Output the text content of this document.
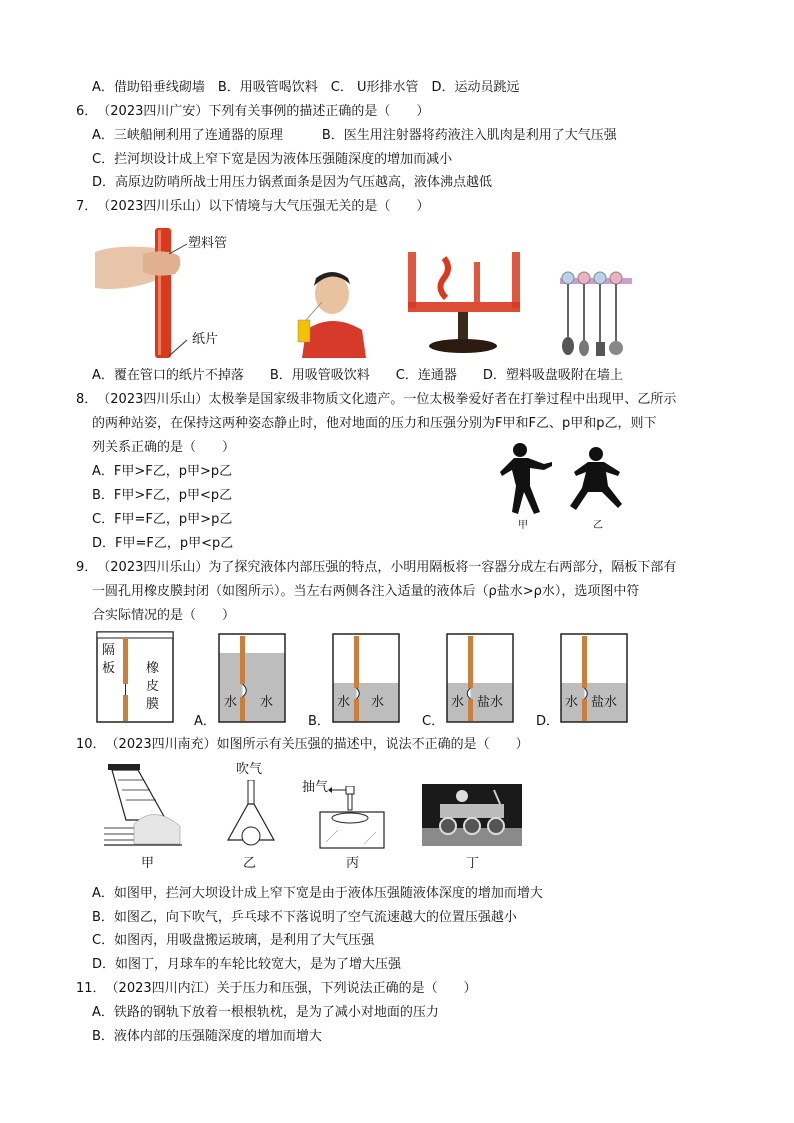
A．借助铅垂线砌墙　B．用吸管喝饮料　C． U形排水管　D．运动员跳远
6．　（2023四川广安）下列有关事例的描述正确的是（　　）
A．三峡船闸利用了连通器的原理　　　B．医生用注射器将药液注入肌肉是利用了大气压强
C．拦河坝设计成上窄下宽是因为液体压强随深度的增加而减小
D．高原边防哨所战士用压力锅煮面条是因为气压越高，液体沸点越低
7．　（2023四川乐山）以下情境与大气压强无关的是（　　）
塑料管
纸片
A．覆在管口的纸片不掉落　　B．用吸管吸饮料　　C．连通器　　D．塑料吸盘吸附在墙上
8．　（2023四川乐山）太极拳是国家级非物质文化遗产。一位太极拳爱好者在打拳过程中出现甲、乙所示
的两种站姿，在保持这两种姿态静止时，他对地面的压力和压强分别为F甲和F乙、p甲和p乙，则下
列关系正确的是（　　）
A．F甲>F乙，p甲>p乙
B．F甲>F乙，p甲<p乙
C．F甲=F乙，p甲>p乙
D．F甲=F乙，p甲<p乙
甲	乙
9．　（2023四川乐山）为了探究液体内部压强的特点，小明用隔板将一容器分成左右两部分，隔板下部有
一圆孔用橡皮膜封闭（如图所示）。当左右两侧各注入适量的液体后（ρ盐水>ρ水），选项图中符
合实际情况的是（　　）
隔
板 橡
皮
膜	水 水
A．
水 水
B．
水 盐水
C．
水 盐水
D．
10．　（2023四川南充）如图所示有关压强的描述中，说法不正确的是（　　）
甲
吹气
乙
抽气
丙	丁
A．如图甲，拦河大坝设计成上窄下宽是由于液体压强随液体深度的增加而增大
B．如图乙，向下吹气，乒乓球不下落说明了空气流速越大的位置压强越小
C．如图丙，用吸盘搬运玻璃，是利用了大气压强
D．如图丁，月球车的车轮比较宽大，是为了增大压强
11．　（2023四川内江）关于压力和压强，下列说法正确的是（　　）
A．铁路的钢轨下放着一根根轨枕，是为了减小对地面的压力
B．液体内部的压强随深度的增加而增大
